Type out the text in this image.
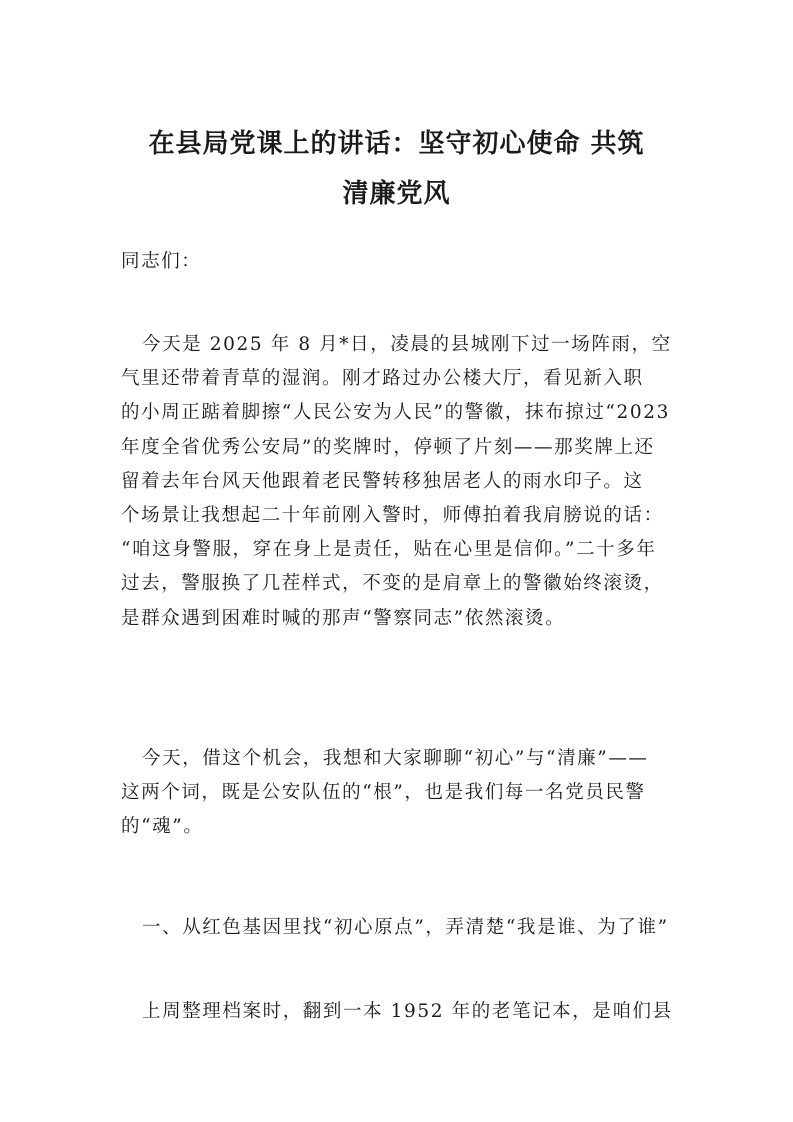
在县局党课上的讲话：坚守初心使命 共筑
清廉党风
同志们：
今天是 2025 年 8 月*日，凌晨的县城刚下过一场阵雨，空
气里还带着青草的湿润。刚才路过办公楼大厅，看见新入职
的小周正踮着脚擦“人民公安为人民”的警徽，抹布掠过“2023
年度全省优秀公安局”的奖牌时，停顿了片刻——那奖牌上还
留着去年台风天他跟着老民警转移独居老人的雨水印子。这
个场景让我想起二十年前刚入警时，师傅拍着我肩膀说的话：
“咱这身警服，穿在身上是责任，贴在心里是信仰。”二十多年
过去，警服换了几茬样式，不变的是肩章上的警徽始终滚烫，
是群众遇到困难时喊的那声“警察同志”依然滚烫。
今天，借这个机会，我想和大家聊聊“初心”与“清廉”——
这两个词，既是公安队伍的“根”，也是我们每一名党员民警
的“魂”。
一、从红色基因里找“初心原点”，弄清楚“我是谁、为了谁”
上周整理档案时，翻到一本 1952 年的老笔记本，是咱们县
